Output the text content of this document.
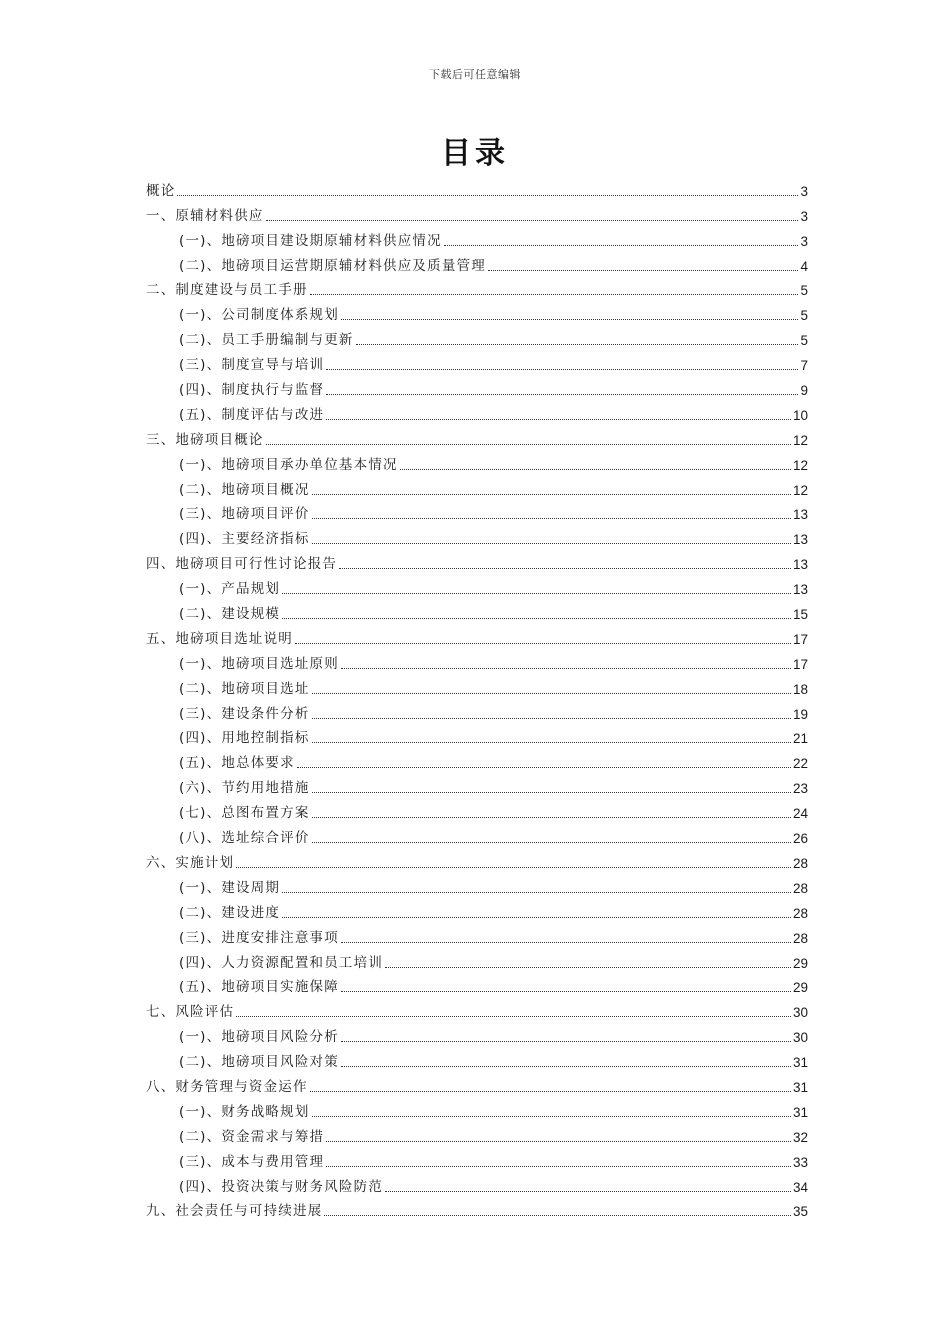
下载后可任意编辑
目录
概论	3
一、原辅材料供应	3
(一)、地磅项目建设期原辅材料供应情况	3
(二)、地磅项目运营期原辅材料供应及质量管理	4
二、制度建设与员工手册	5
(一)、公司制度体系规划	5
(二)、员工手册编制与更新	5
(三)、制度宣导与培训	7
(四)、制度执行与监督	9
(五)、制度评估与改进	10
三、地磅项目概论	12
(一)、地磅项目承办单位基本情况	12
(二)、地磅项目概况	12
(三)、地磅项目评价	13
(四)、主要经济指标	13
四、地磅项目可行性讨论报告	13
(一)、产品规划	13
(二)、建设规模	15
五、地磅项目选址说明	17
(一)、地磅项目选址原则	17
(二)、地磅项目选址	18
(三)、建设条件分析	19
(四)、用地控制指标	21
(五)、地总体要求	22
(六)、节约用地措施	23
(七)、总图布置方案	24
(八)、选址综合评价	26
六、实施计划	28
(一)、建设周期	28
(二)、建设进度	28
(三)、进度安排注意事项	28
(四)、人力资源配置和员工培训	29
(五)、地磅项目实施保障	29
七、风险评估	30
(一)、地磅项目风险分析	30
(二)、地磅项目风险对策	31
八、财务管理与资金运作	31
(一)、财务战略规划	31
(二)、资金需求与筹措	32
(三)、成本与费用管理	33
(四)、投资决策与财务风险防范	34
九、社会责任与可持续进展	35
